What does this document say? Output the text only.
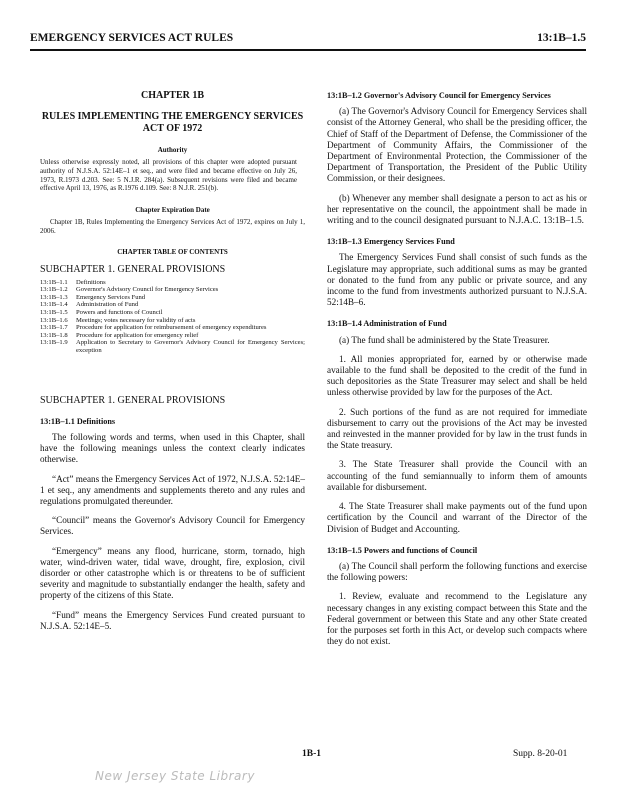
EMERGENCY SERVICES ACT RULES	13:1B–1.5

CHAPTER 1B

RULES IMPLEMENTING THE EMERGENCY SERVICES ACT OF 1972

Authority

Unless otherwise expressly noted, all provisions of this chapter were adopted pursuant authority of N.J.S.A. 52:14E–1 et seq., and were filed and became effective on July 26, 1973, R.1973 d.203. See: 5 N.J.R. 284(a). Subsequent revisions were filed and became effective April 13, 1976, as R.1976 d.109. See: 8 N.J.R. 251(b).

Chapter Expiration Date

Chapter 1B, Rules Implementing the Emergency Services Act of 1972, expires on July 1, 2006.

CHAPTER TABLE OF CONTENTS

SUBCHAPTER 1. GENERAL PROVISIONS

13:1B–1.1	Definitions
13:1B–1.2	Governor's Advisory Council for Emergency Services
13:1B–1.3	Emergency Services Fund
13:1B–1.4	Administration of Fund
13:1B–1.5	Powers and functions of Council
13:1B–1.6	Meetings; votes necessary for validity of acts
13:1B–1.7	Procedure for application for reimbursement of emergency expenditures
13:1B–1.8	Procedure for application for emergency relief
13:1B–1.9	Application to Secretary to Governor's Advisory Council for Emergency Services; exception

SUBCHAPTER 1. GENERAL PROVISIONS

13:1B–1.1 Definitions

The following words and terms, when used in this Chapter, shall have the following meanings unless the context clearly indicates otherwise.

“Act” means the Emergency Services Act of 1972, N.J.S.A. 52:14E–1 et seq., any amendments and supplements thereto and any rules and regulations promulgated thereunder.

“Council” means the Governor's Advisory Council for Emergency Services.

“Emergency” means any flood, hurricane, storm, tornado, high water, wind-driven water, tidal wave, drought, fire, explosion, civil disorder or other catastrophe which is or threatens to be of sufficient severity and magnitude to substantially endanger the health, safety and property of the citizens of this State.

“Fund” means the Emergency Services Fund created pursuant to N.J.S.A. 52:14E–5.

13:1B–1.2 Governor's Advisory Council for Emergency Services

(a) The Governor's Advisory Council for Emergency Services shall consist of the Attorney General, who shall be the presiding officer, the Chief of Staff of the Department of Defense, the Commissioner of the Department of Community Affairs, the Commissioner of the Department of Environmental Protection, the Commissioner of the Department of Transportation, the President of the Public Utility Commission, or their designees.

(b) Whenever any member shall designate a person to act as his or her representative on the council, the appointment shall be made in writing and to the council designated pursuant to N.J.A.C. 13:1B–1.5.

13:1B–1.3 Emergency Services Fund

The Emergency Services Fund shall consist of such funds as the Legislature may appropriate, such additional sums as may be granted or donated to the fund from any public or private source, and any income to the fund from investments authorized pursuant to N.J.S.A. 52:14B–6.

13:1B–1.4 Administration of Fund

(a) The fund shall be administered by the State Treasurer.

1. All monies appropriated for, earned by or otherwise made available to the fund shall be deposited to the credit of the fund in such depositories as the State Treasurer may select and shall be held unless otherwise provided by law for the purposes of the Act.

2. Such portions of the fund as are not required for immediate disbursement to carry out the provisions of the Act may be invested and reinvested in the manner provided for by law in the trust funds in the State treasury.

3. The State Treasurer shall provide the Council with an accounting of the fund semiannually to inform them of amounts available for disbursement.

4. The State Treasurer shall make payments out of the fund upon certification by the Council and warrant of the Director of the Division of Budget and Accounting.

13:1B–1.5 Powers and functions of Council

(a) The Council shall perform the following functions and exercise the following powers:

1. Review, evaluate and recommend to the Legislature any necessary changes in any existing compact between this State and the Federal government or between this State and any other State created for the purposes set forth in this Act, or develop such compacts where they do not exist.

1B-1	Supp. 8-20-01
New Jersey State Library
